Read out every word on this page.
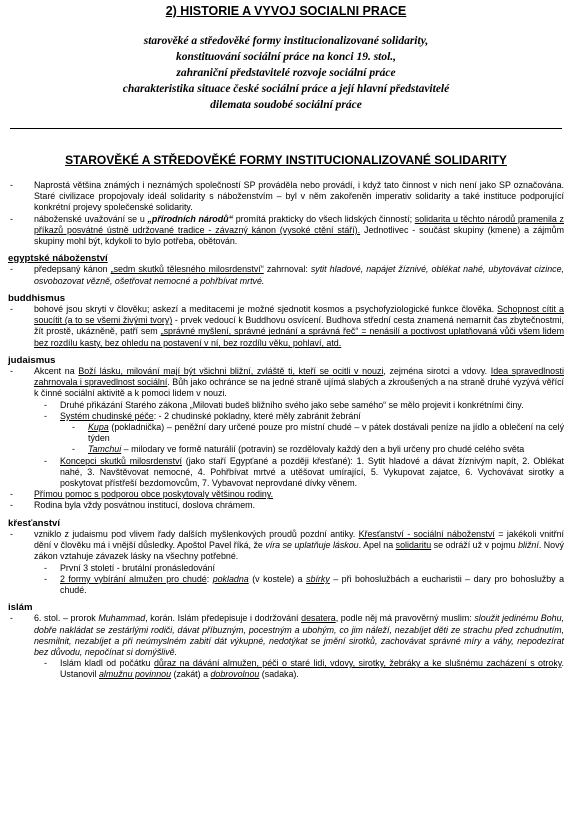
2) HISTORIE A VYVOJ SOCIALNI PRACE
starověké a středověké formy institucionalizované solidarity,
konstituování sociální práce na konci 19. stol.,
zahraniční představitelé rozvoje sociální práce
charakteristika situace české sociální práce a její hlavní představitelé
dilemata soudobé sociální práce
STAROVĚKÉ A STŘEDOVĚKÉ FORMY INSTITUCIONALIZOVANÉ SOLIDARITY
- Naprostá většina známých i neznámých společností SP prováděla nebo provádí, i když tato činnost v nich není jako SP označována. Staré civilizace propojovaly ideál solidarity s náboženstvím – byl v něm zakořeněn imperativ solidarity a také instituce podporující konkrétní projevy společenské solidarity.
- náboženské uvažování se u „přírodních národů“ promítá prakticky do všech lidských činností; solidarita u těchto národů pramenila z příkazů posvátné ústně udržované tradice - závazný kánon (vysoké ctění stáří). Jednotlivec - součást skupiny (kmene) a zájmům skupiny mohl být, kdykoli to bylo potřeba, obětován.
egyptské náboženství
- předepsaný kánon „sedm skutků tělesného milosrdenství“ zahrnoval: sytit hladové, napájet žíznivé, oblékat nahé, ubytovávat cizince, osvobozovat vězně, ošetřovat nemocné a pohřbívat mrtvé.
buddhismus
- bohové jsou skryti v člověku; askezí a meditacemi je možné sjednotit kosmos a psychofyziologické funkce člověka. Schopnost cítit a soucítit (a to se všemi živými tvory) - prvek vedoucí k Buddhovu osvícení. Budhova střední cesta znamená nemarnit čas zbytečnostmi, žít prostě, ukázněně, patří sem „správné myšlení, správné jednání a správná řeč“ = nenásilí a poctivost uplatňovaná vůči všem lidem bez rozdílu kasty, bez ohledu na postavení v ní, bez rozdílu věku, pohlaví, atd.
judaismus
- Akcent na Boží lásku, milování mají být všichni bližní, zvláště ti, kteří se ocitli v nouzi, zejména sirotci a vdovy. Idea spravedlnosti zahrnovala i spravedlnost sociální. Bůh jako ochránce se na jedné straně ujímá slabých a zkroušených a na straně druhé vyzývá věřící k činné sociální aktivitě a k pomoci lidem v nouzi.
- Druhé přikázání Starého zákona „Milovati budeš bližního svého jako sebe samého“ se mělo projevit i konkrétními činy.
- Systém chudinské péče: - 2 chudinské pokladny, které měly zabránit žebrání
- Kupa (pokladnička) – peněžní dary určené pouze pro místní chudé – v pátek dostávali peníze na jídlo a oblečení na celý týden
- Tamchui – milodary ve formě naturálií (potravin) se rozdělovaly každý den a byli určeny pro chudé celého světa
- Koncepci skutků milosrdenství (jako staří Egypťané a později křesťané): 1. Sytit hladové a dávat žíznivým napít, 2. Oblékat nahé, 3. Navštěvovat nemocné, 4. Pohřbívat mrtvé a utěšovat umírající, 5. Vykupovat zajatce, 6. Vychovávat sirotky a poskytovat přístřeší bezdomovcům, 7. Vybavovat neprovdané dívky věnem.
- Přímou pomoc s podporou obce poskytovaly většinou rodiny.
- Rodina byla vždy posvátnou institucí, doslova chrámem.
křesťanství
- vzniklo z judaismu pod vlivem řady dalších myšlenkových proudů pozdní antiky. Křesťanství - sociální náboženství = jakékoli vnitřní dění v člověku má i vnější důsledky. Apoštol Pavel říká, že víra se uplatňuje láskou. Apel na solidaritu se odráží už v pojmu bližní. Nový zákon vztahuje závazek lásky na všechny potřebné.
- První 3 století - brutální pronásledování
- 2 formy vybírání almužen pro chudé: pokladna (v kostele) a sbírky – při bohoslužbách a eucharistii – dary pro bohoslužby a chudé.
islám
- 6. stol. – prorok Muhammad, korán. Islám předepisuje i dodržování desatera, podle něj má pravověrný muslim: sloužit jedinému Bohu, dobře nakládat se zestárlými rodiči, dávat příbuzným, pocestným a ubohým, co jim náleží, nezabíjet děti ze strachu před zchudnutím, nesmilnit, nezabíjet a při neúmyslném zabití dát výkupné, nedotýkat se jmění sirotků, zachovávat správné míry a váhy, nepodezírat bez důvodu, nepočínat si domýšlivě.
- Islám kladl od počátku důraz na dávání almužen, péči o staré lidi, vdovy, sirotky, žebráky a ke slušnému zacházení s otroky. Ustanovil almužnu povinnou (zakát) a dobrovolnou (sadaka).
